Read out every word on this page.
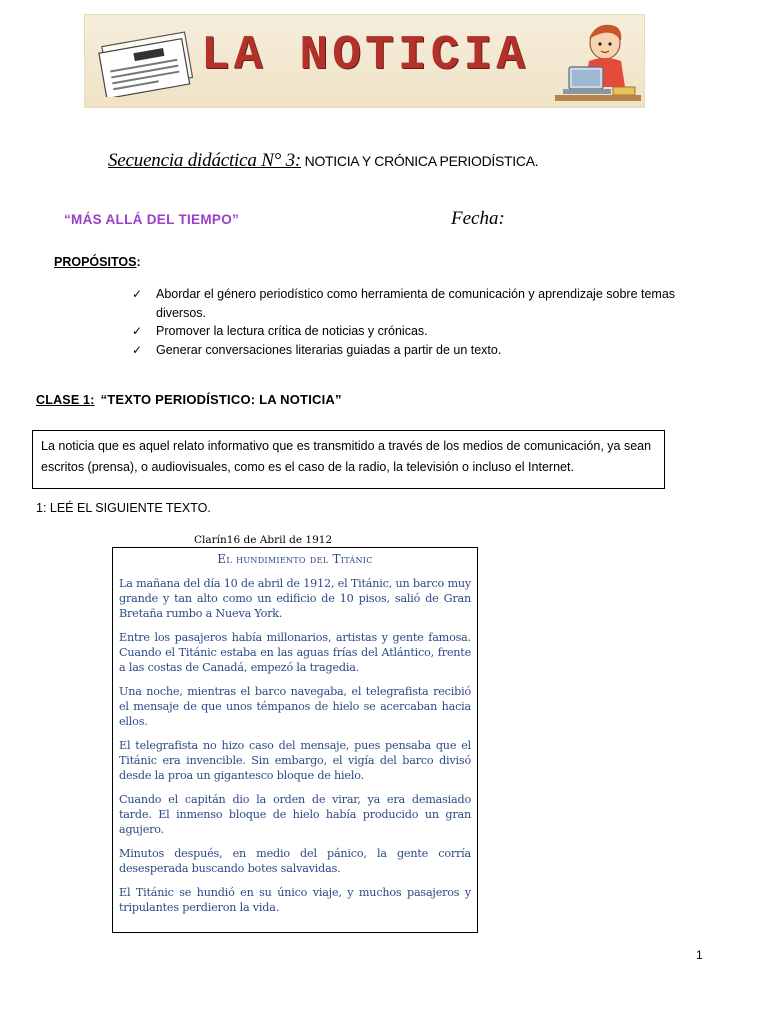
LA NOTICIA
Secuencia didáctica N° 3: NOTICIA Y CRÓNICA PERIODÍSTICA.
“MÁS ALLÁ DEL TIEMPO”	Fecha:
PROPÓSITOS:
✓ Abordar el género periodístico como herramienta de comunicación y aprendizaje sobre temas diversos.
✓ Promover la lectura crítica de noticias y crónicas.
✓ Generar conversaciones literarias guiadas a partir de un texto.
CLASE 1: “TEXTO PERIODÍSTICO: LA NOTICIA”
La noticia que es aquel relato informativo que es transmitido a través de los medios de comunicación, ya sean escritos (prensa), o audiovisuales, como es el caso de la radio, la televisión o incluso el Internet.
1: LEÉ EL SIGUIENTE TEXTO.
Clarín16 de Abril de 1912
El hundimiento del Titánic

La mañana del día 10 de abril de 1912, el Titánic, un barco muy grande y tan alto como un edificio de 10 pisos, salió de Gran Bretaña rumbo a Nueva York.

Entre los pasajeros había millonarios, artistas y gente famosa. Cuando el Titánic estaba en las aguas frías del Atlántico, frente a las costas de Canadá, empezó la tragedia.

Una noche, mientras el barco navegaba, el telegrafista recibió el mensaje de que unos témpanos de hielo se acercaban hacia ellos.

El telegrafista no hizo caso del mensaje, pues pensaba que el Titánic era invencible. Sin embargo, el vigía del barco divisó desde la proa un gigantesco bloque de hielo.

Cuando el capitán dio la orden de virar, ya era demasiado tarde. El inmenso bloque de hielo había producido un gran agujero.

Minutos después, en medio del pánico, la gente corría desesperada buscando botes salvavidas.

El Titánic se hundió en su único viaje, y muchos pasajeros y tripulantes perdieron la vida.

1
